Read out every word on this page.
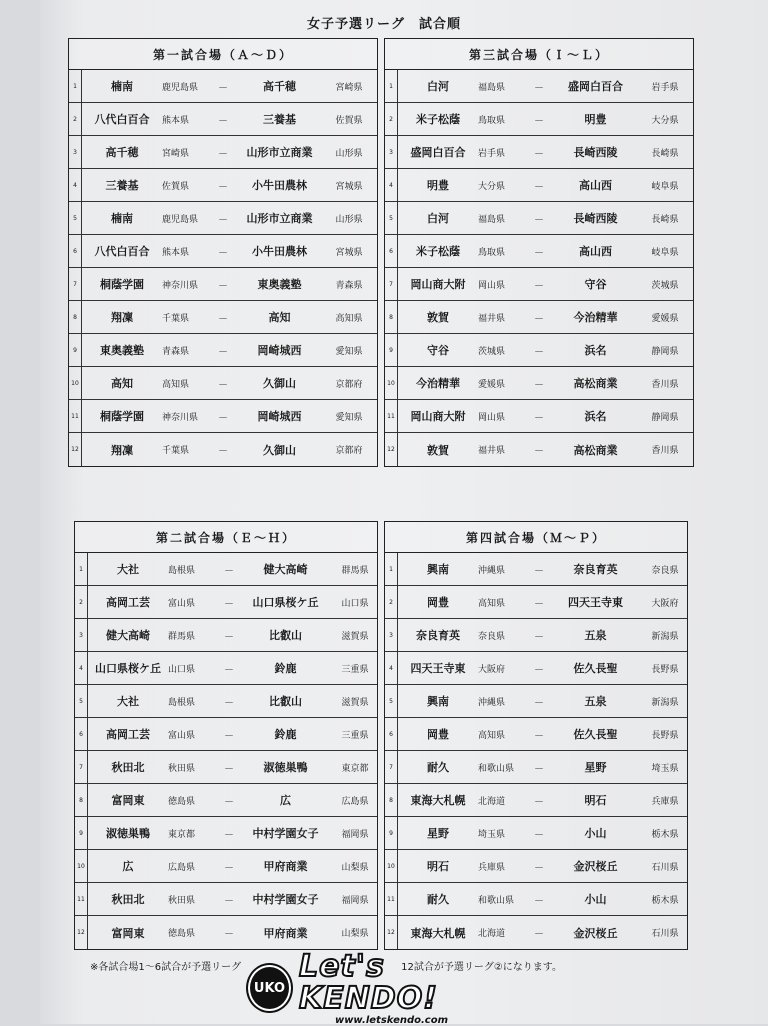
女子予選リーグ　試合順
第一試合場（Ａ～Ｄ）
1	楠南	鹿児島県	－	高千穂	宮崎県
2	八代白百合	熊本県	－	三養基	佐賀県
3	高千穂	宮崎県	－	山形市立商業	山形県
4	三養基	佐賀県	－	小牛田農林	宮城県
5	楠南	鹿児島県	－	山形市立商業	山形県
6	八代白百合	熊本県	－	小牛田農林	宮城県
7	桐蔭学園	神奈川県	－	東奥義塾	青森県
8	翔凜	千葉県	－	高知	高知県
9	東奥義塾	青森県	－	岡崎城西	愛知県
10	高知	高知県	－	久御山	京都府
11	桐蔭学園	神奈川県	－	岡崎城西	愛知県
12	翔凜	千葉県	－	久御山	京都府
第三試合場（Ｉ～Ｌ）
1	白河	福島県	－	盛岡白百合	岩手県
2	米子松蔭	鳥取県	－	明豊	大分県
3	盛岡白百合	岩手県	－	長崎西陵	長崎県
4	明豊	大分県	－	高山西	岐阜県
5	白河	福島県	－	長崎西陵	長崎県
6	米子松蔭	鳥取県	－	高山西	岐阜県
7	岡山商大附	岡山県	－	守谷	茨城県
8	敦賀	福井県	－	今治精華	愛媛県
9	守谷	茨城県	－	浜名	静岡県
10	今治精華	愛媛県	－	高松商業	香川県
11	岡山商大附	岡山県	－	浜名	静岡県
12	敦賀	福井県	－	高松商業	香川県
第二試合場（Ｅ～Ｈ）
1	大社	島根県	－	健大高崎	群馬県
2	高岡工芸	富山県	－	山口県桜ケ丘	山口県
3	健大高崎	群馬県	－	比叡山	滋賀県
4	山口県桜ケ丘 山口県	－	鈴鹿	三重県
5	大社	島根県	－	比叡山	滋賀県
6	高岡工芸	富山県	－	鈴鹿	三重県
7	秋田北	秋田県	－	淑徳巣鴨	東京都
8	富岡東	徳島県	－	広	広島県
9	淑徳巣鴨	東京都	－	中村学園女子	福岡県
10	広	広島県	－	甲府商業	山梨県
11	秋田北	秋田県	－	中村学園女子	福岡県
12	富岡東	徳島県	－	甲府商業	山梨県
第四試合場（Ｍ～Ｐ）
1	興南	沖縄県	－	奈良育英	奈良県
2	岡豊	高知県	－	四天王寺東	大阪府
3	奈良育英	奈良県	－	五泉	新潟県
4	四天王寺東	大阪府	－	佐久長聖	長野県
5	興南	沖縄県	－	五泉	新潟県
6	岡豊	高知県	－	佐久長聖	長野県
7	耐久	和歌山県	－	星野	埼玉県
8	東海大札幌	北海道	－	明石	兵庫県
9	星野	埼玉県	－	小山	栃木県
10	明石	兵庫県	－	金沢桜丘	石川県
11	耐久	和歌山県	－	小山	栃木県
12	東海大札幌	北海道	－	金沢桜丘	石川県
※各試合場1～6試合が予選リーグ	12試合が予選リーグ②になります。
UKO
Let's KENDO!
www.letskendo.com
